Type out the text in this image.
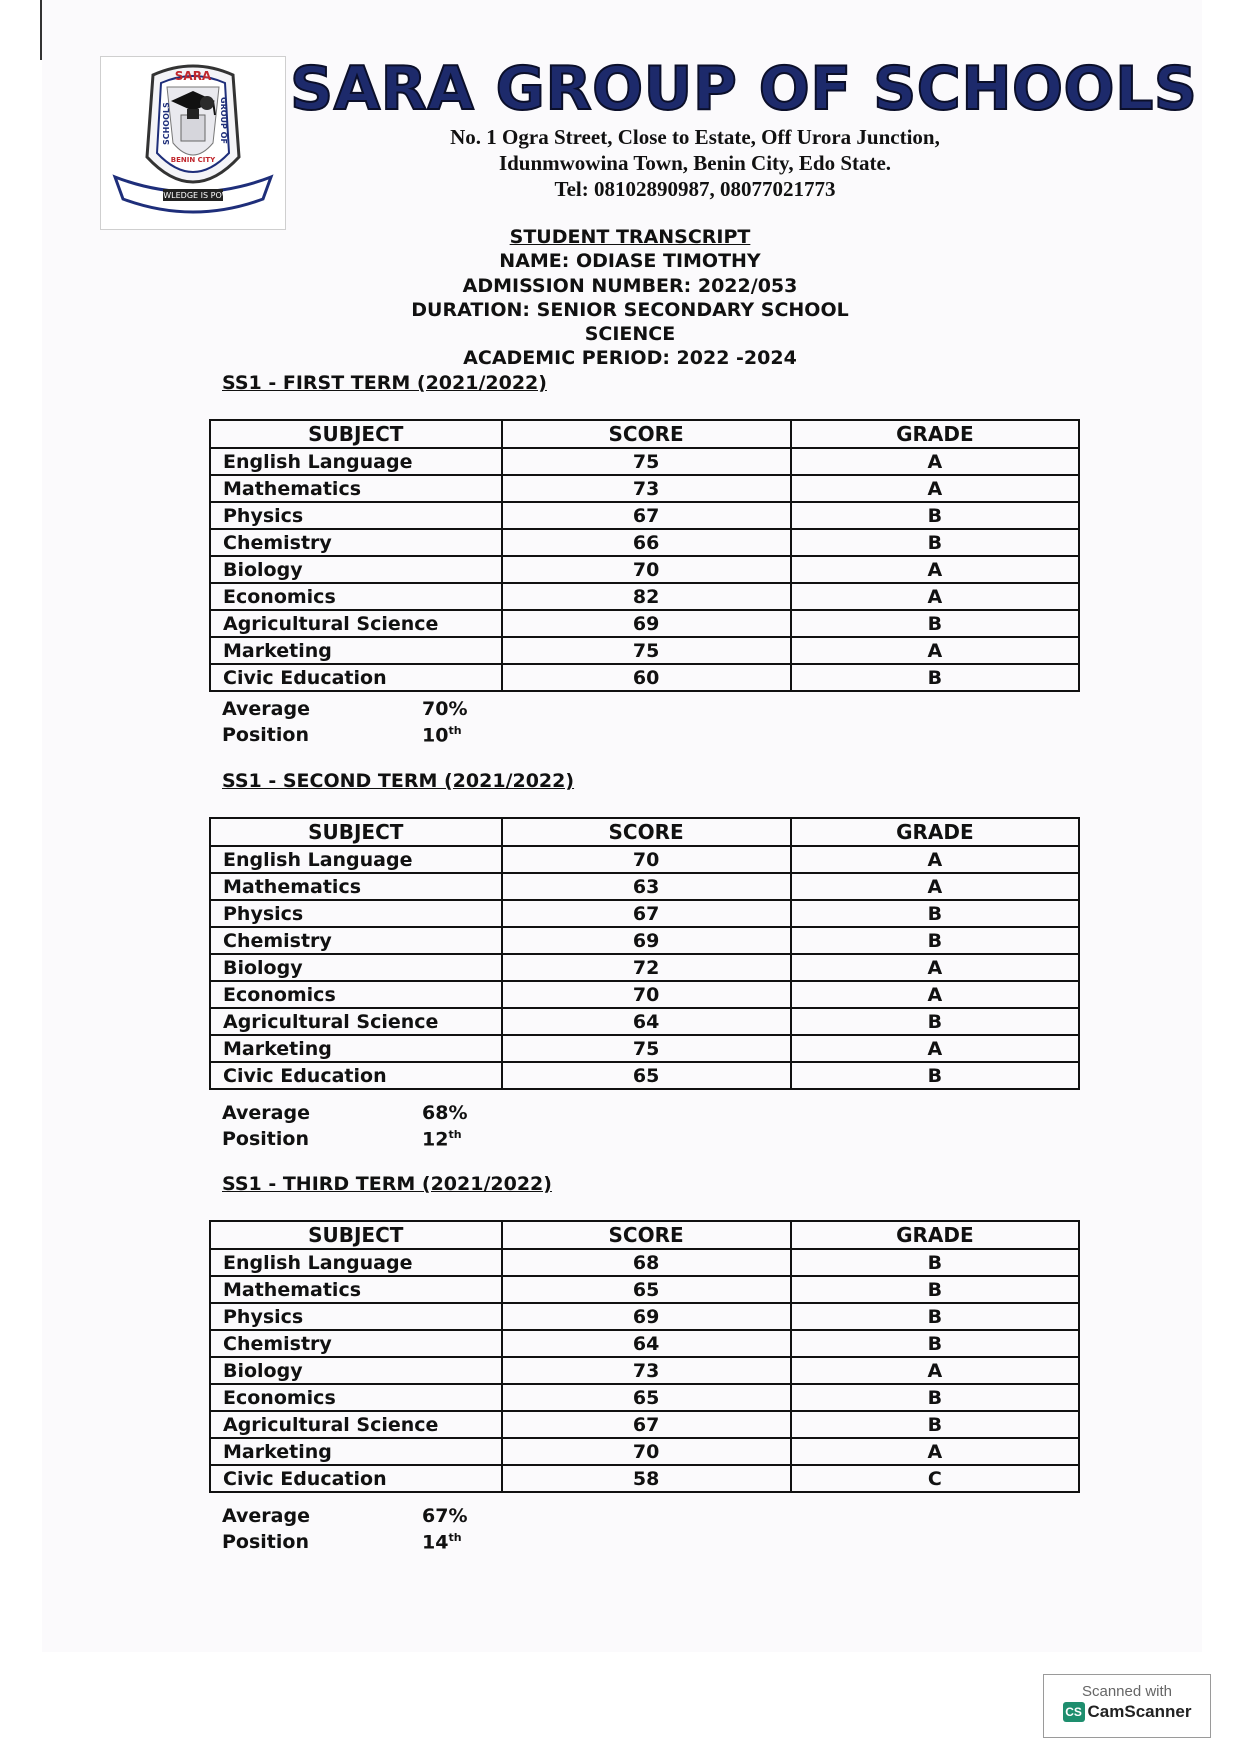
SARA
SCHOOLS	GROUP OF
BENIN CITY
KNOWLEDGE IS POWER
SARA GROUP OF SCHOOLS

No. 1 Ogra Street, Close to Estate, Off Urora Junction,

Idunmwowina Town, Benin City, Edo State.

Tel: 08102890987, 08077021773

STUDENT TRANSCRIPT

NAME: ODIASE TIMOTHY

ADMISSION NUMBER: 2022/053

DURATION: SENIOR SECONDARY SCHOOL

SCIENCE

ACADEMIC PERIOD: 2022 -2024

SS1 - FIRST TERM (2021/2022)

SUBJECT	SCORE	GRADE
English Language	75	A
Mathematics	73	A
Physics	67	B
Chemistry	66	B
Biology	70	A
Economics	82	A
Agricultural Science	69	B
Marketing	75	A
Civic Education	60	B

Average	70%

Position	10th

SS1 - SECOND TERM (2021/2022)

SUBJECT	SCORE	GRADE
English Language	70	A
Mathematics	63	A
Physics	67	B
Chemistry	69	B
Biology	72	A
Economics	70	A
Agricultural Science	64	B
Marketing	75	A
Civic Education	65	B

Average	68%

Position	12th

SS1 - THIRD TERM (2021/2022)

SUBJECT	SCORE	GRADE
English Language	68	B
Mathematics	65	B
Physics	69	B
Chemistry	64	B
Biology	73	A
Economics	65	B
Agricultural Science	67	B
Marketing	70	A
Civic Education	58	C

Average	67%

Position	14th

Scanned with
CS CamScanner
